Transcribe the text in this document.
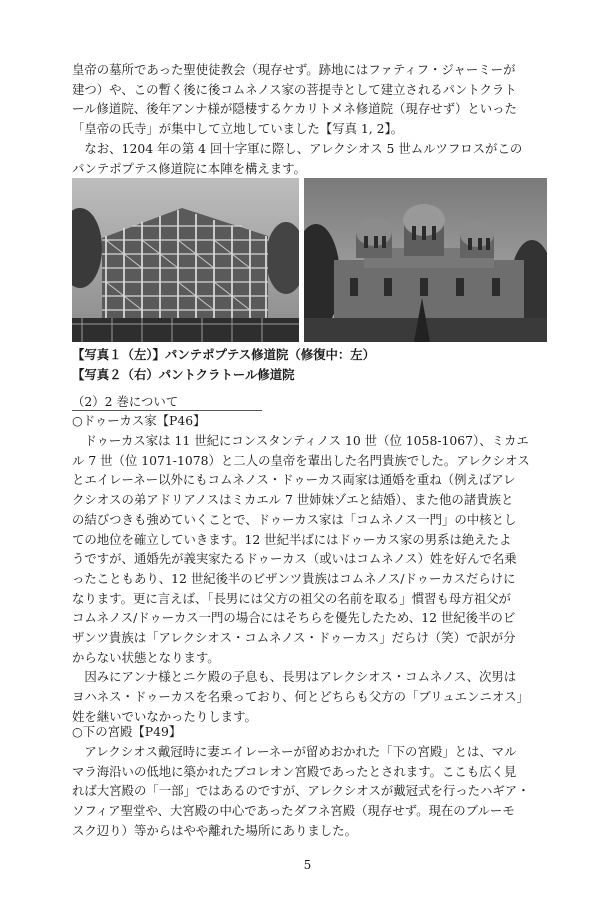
皇帝の墓所であった聖使徒教会（現存せず。跡地にはファティフ・ジャーミーが
建つ）や、この暫く後に後コムネノス家の菩提寺として建立されるパントクラト
ール修道院、後年アンナ様が隠棲するケカリトメネ修道院（現存せず）といった
「皇帝の氏寺」が集中して立地していました【写真 1, 2】。
　なお、1204 年の第 4 回十字軍に際し、アレクシオス 5 世ムルツフロスがこの
パンテポプテス修道院に本陣を構えます。
【写真１（左）】パンテポプテス修道院（修復中：左）
【写真２（右）パントクラトール修道院
（2）2 巻について
○ドゥーカス家【P46】
　ドゥーカス家は 11 世紀にコンスタンティノス 10 世（位 1058-1067）、ミカエ
ル 7 世（位 1071-1078）と二人の皇帝を輩出した名門貴族でした。アレクシオス
とエイレーネー以外にもコムネノス・ドゥーカス両家は通婚を重ね（例えばアレ
クシオスの弟アドリアノスはミカエル 7 世姉妹ゾエと結婚）、また他の諸貴族と
の結びつきも強めていくことで、ドゥーカス家は「コムネノス一門」の中核とし
ての地位を確立していきます。12 世紀半ばにはドゥーカス家の男系は絶えたよ
うですが、通婚先が義実家たるドゥーカス（或いはコムネノス）姓を好んで名乗
ったこともあり、12 世紀後半のビザンツ貴族はコムネノス/ドゥーカスだらけに
なります。更に言えば、「長男には父方の祖父の名前を取る」慣習も母方祖父が
コムネノス/ドゥーカス一門の場合にはそちらを優先したため、12 世紀後半のビ
ザンツ貴族は「アレクシオス・コムネノス・ドゥーカス」だらけ（笑）で訳が分
からない状態となります。
　因みにアンナ様とニケ殿の子息も、長男はアレクシオス・コムネノス、次男は
ヨハネス・ドゥーカスを名乗っており、何とどちらも父方の「ブリュエンニオス」
姓を継いでいなかったりします。
○下の宮殿【P49】
　アレクシオス戴冠時に妻エイレーネーが留めおかれた「下の宮殿」とは、マル
マラ海沿いの低地に築かれたブコレオン宮殿であったとされます。ここも広く見
れば大宮殿の「一部」ではあるのですが、アレクシオスが戴冠式を行ったハギア・
ソフィア聖堂や、大宮殿の中心であったダフネ宮殿（現存せず。現在のブルーモ
スク辺り）等からはやや離れた場所にありました。
5
